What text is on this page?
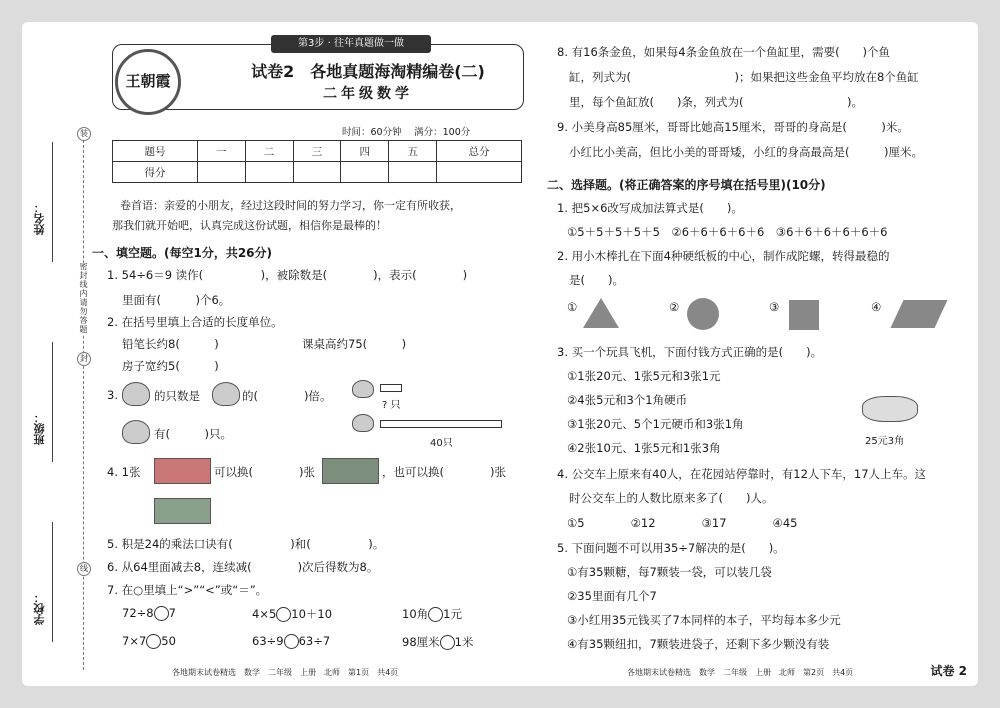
姓名：
班级：
学校：
装
封
线
密封线内请勿答题
王朝霞
第3步 · 往年真题做一做
试卷2　各地真题海淘精编卷(二)
二年级数学
时间：60分钟　 满分：100分
题号	一	二	三	四	五	总分
得分						
卷首语：亲爱的小朋友，经过这段时间的努力学习，你一定有所收获，
那我们就开始吧，认真完成这份试题，相信你是最棒的！
一、填空题。(每空1分，共26分)
1. 54÷6＝9 读作(　　　　　)，被除数是(　　　　)，表示(　　　　)
里面有(　　　)个6。
2. 在括号里填上合适的长度单位。
铅笔长约8(　　　)	课桌高约75(　　　)
房子宽约5(　　　)
3.	的只数是	的(　　　　)倍。
有(　　　)只。
? 只
40只
4. 1张	可以换(　　　　)张	，也可以换(　　　　)张
5. 积是24的乘法口诀有(　　　　　)和(　　　　　)。
6. 从64里面减去8，连续减(　　　　)次后得数为8。
7. 在○里填上“>”“<”或“＝”。
72÷8 7	4×5 10＋10	10角 1元
7×7 50	63÷9 63÷7	98厘米 1米
各地期末试卷精选　数学　二年级　上册　北师　第1页　共4页
8. 有16条金鱼，如果每4条金鱼放在一个鱼缸里，需要(　　)个鱼
缸，列式为(　　　　　　　　　)；如果把这些金鱼平均放在8个鱼缸
里，每个鱼缸放(　　)条，列式为(　　　　　　　　　)。
9. 小美身高85厘米，哥哥比她高15厘米，哥哥的身高是(　　　)米。
小红比小美高，但比小美的哥哥矮，小红的身高最高是(　　　)厘米。
二、选择题。(将正确答案的序号填在括号里)(10分)
1. 把5×6改写成加法算式是(　　)。
①5＋5＋5＋5＋5　②6＋6＋6＋6＋6　③6＋6＋6＋6＋6＋6
2. 用小木棒扎在下面4种硬纸板的中心，制作成陀螺，转得最稳的
是(　　)。
①	②	③	④
3. 买一个玩具飞机，下面付钱方式正确的是(　　)。
①1张20元、1张5元和3张1元
②4张5元和3个1角硬币
③1张20元、5个1元硬币和3张1角
④2张10元、1张5元和1张3角	25元3角
4. 公交车上原来有40人，在花园站停靠时，有12人下车，17人上车。这
时公交车上的人数比原来多了(　　)人。
①5　　　　②12　　　　③17　　　　④45
5. 下面问题不可以用35÷7解决的是(　　)。
①有35颗糖，每7颗装一袋，可以装几袋
②35里面有几个7
③小红用35元钱买了7本同样的本子，平均每本多少元
④有35颗纽扣，7颗装进袋子，还剩下多少颗没有装
各地期末试卷精选　数学　二年级　上册　北师　第2页　共4页	试卷 2
